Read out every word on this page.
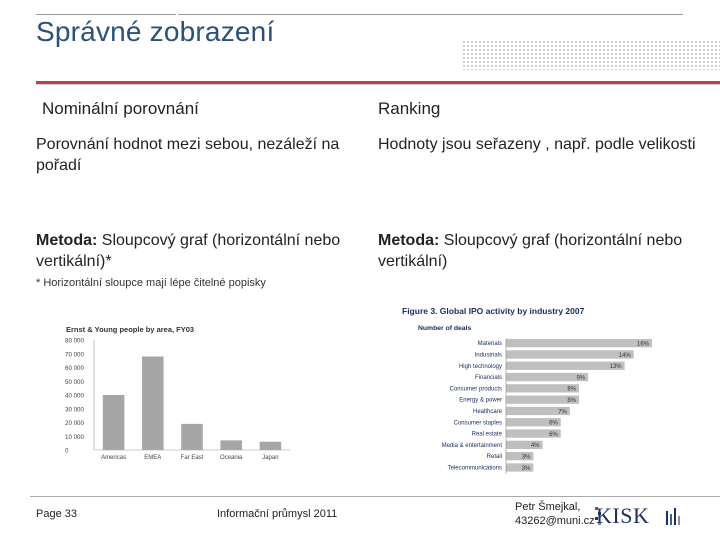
Správné zobrazení
Nominální porovnání	Ranking
Porovnání hodnot mezi sebou, nezáleží na pořadí
Hodnoty jsou seřazeny , např. podle velikosti
Metoda: Sloupcový graf (horizontální nebo vertikální)*
Metoda: Sloupcový graf (horizontální nebo vertikální)
* Horizontální sloupce mají lépe čitelné popisky
Ernst & Young people by area, FY03
0
10 000
20 000
30 000
40 000
50 000
60 000
70 000
80 000
Americas	EMEA	Far East	Oceania	Japan
Figure 3. Global IPO activity by industry 2007
Number of deals
Materials	16%
Industrials	14%
High technology	13%
Financials	9%
Consumer products	8%
Energy & power	8%
Healthcare	7%
Consumer staples	6%
Real estate	6%
Media & entertainment	4%
Retail	3%
Telecommunications	3%
Page 33	Informační průmysl 2011
Petr Šmejkal,
43262@muni.cz KISK
